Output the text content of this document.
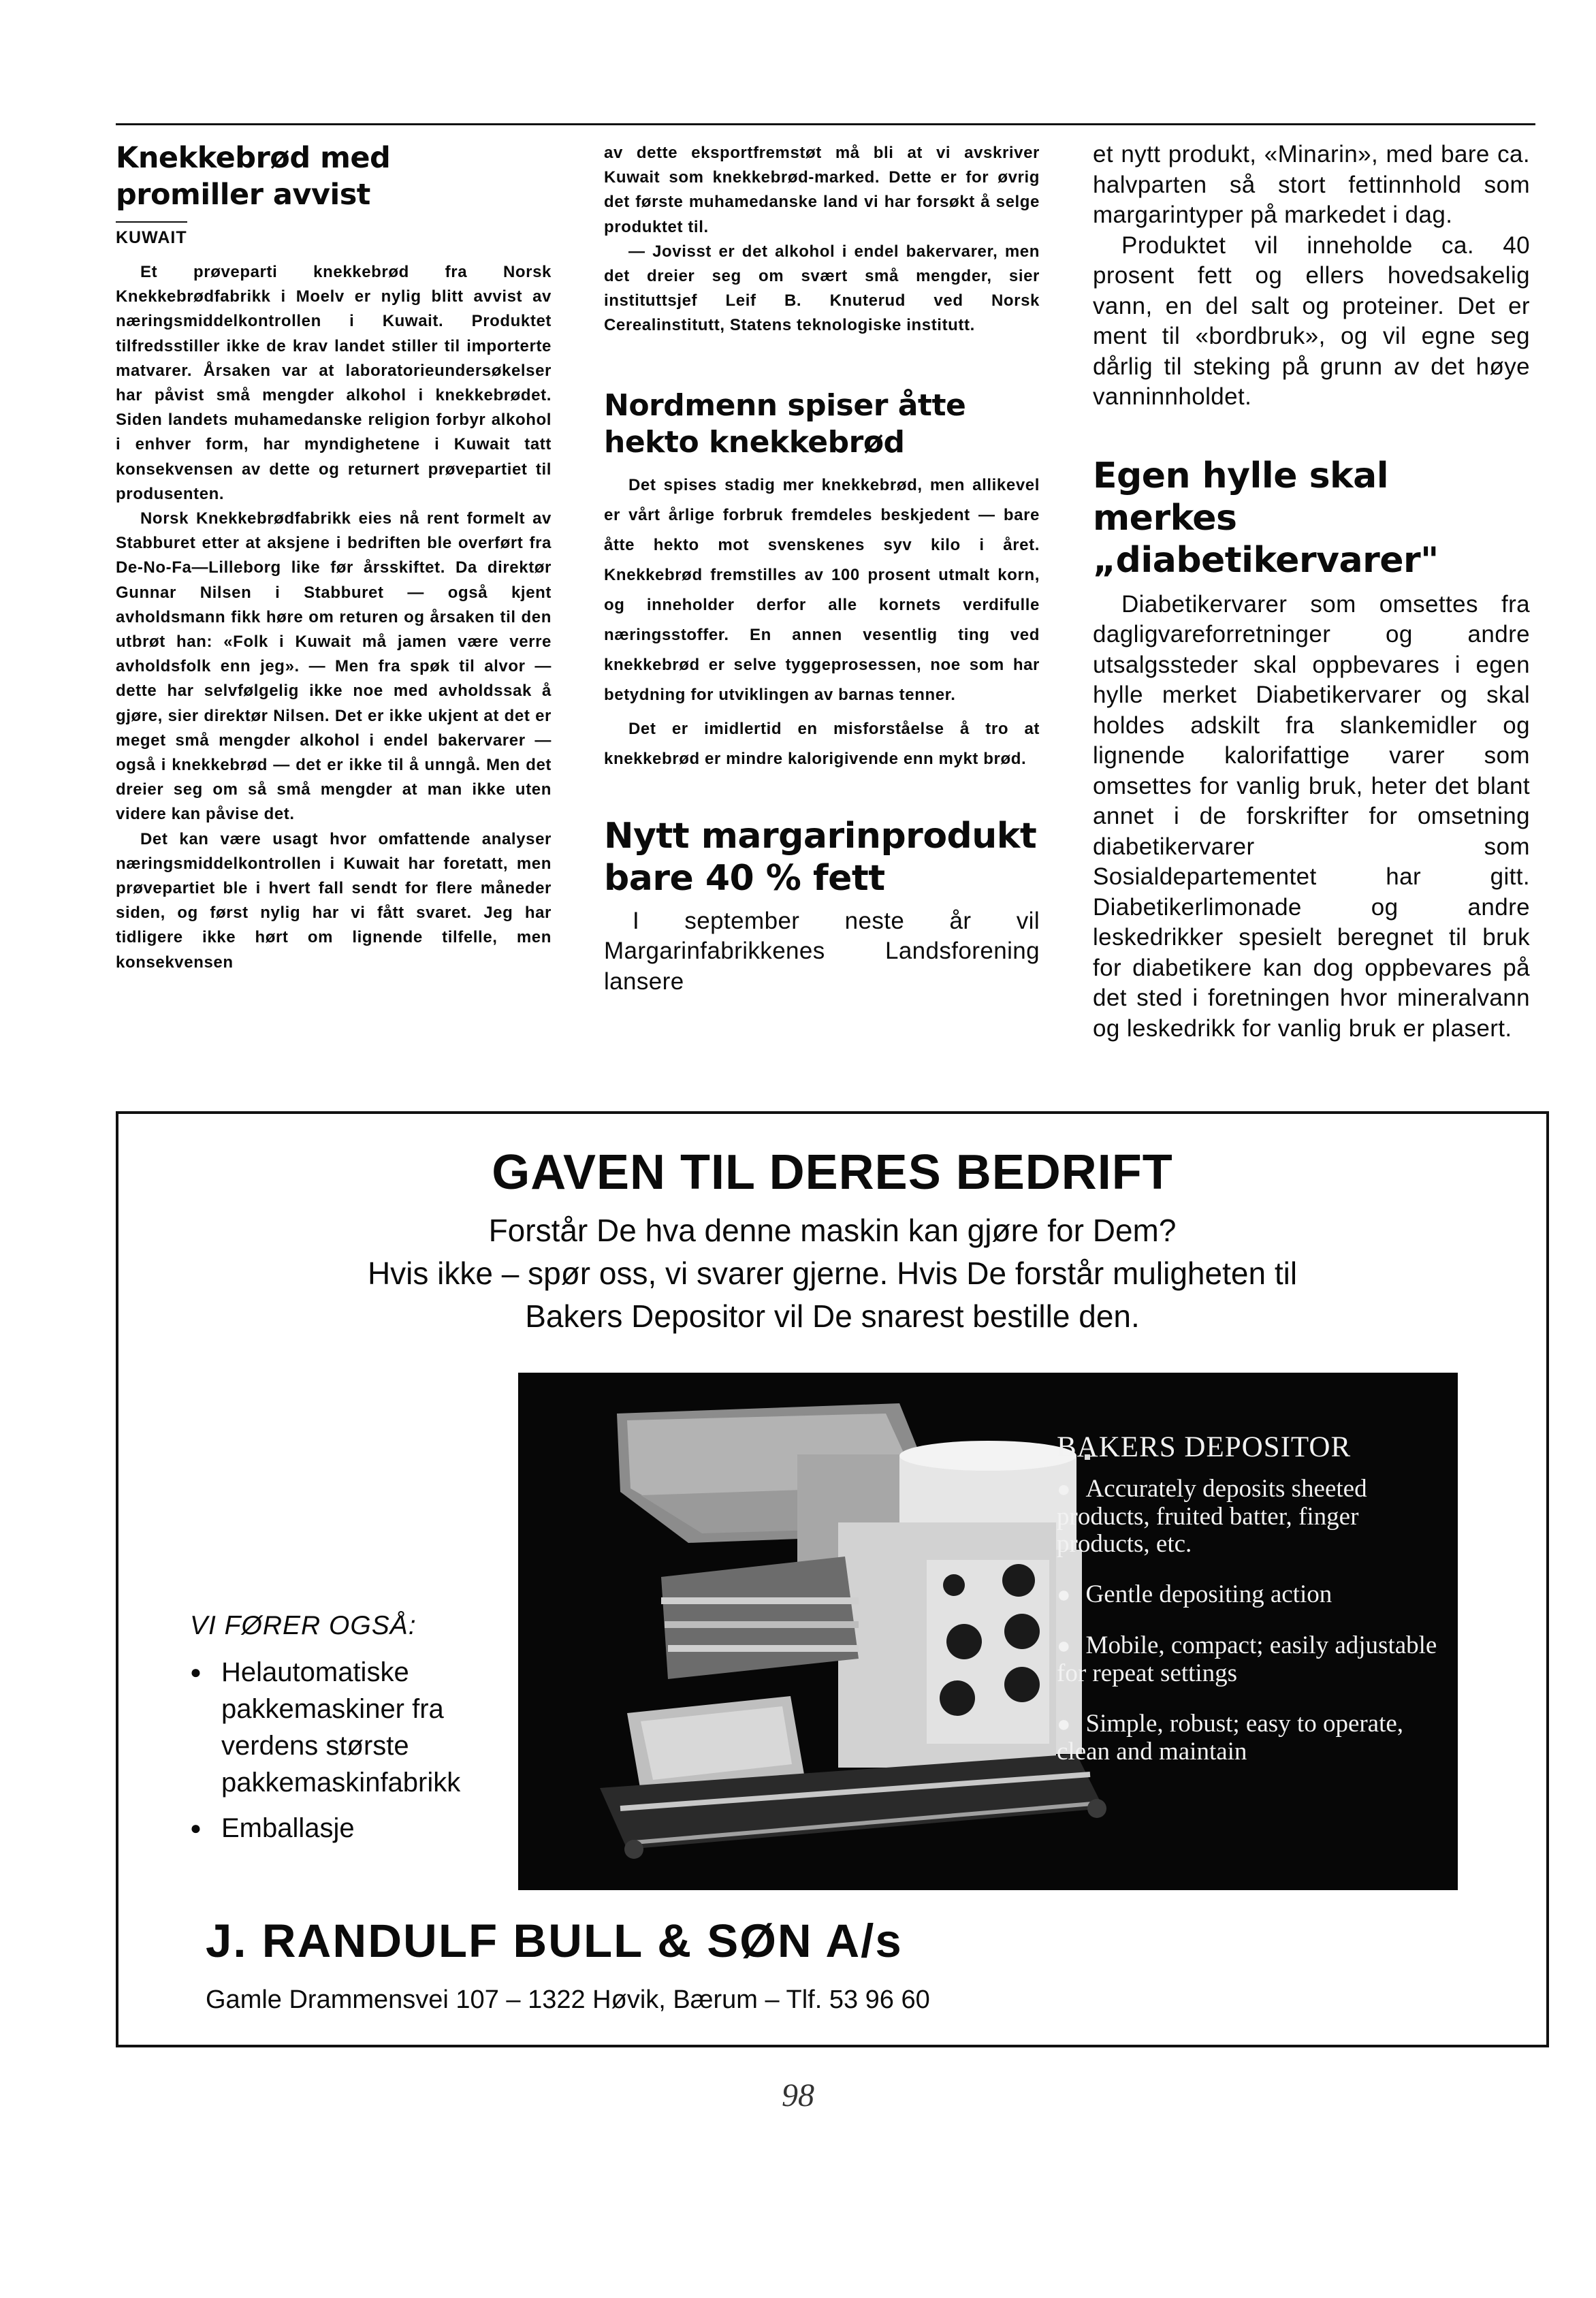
Knekkebrød med
promiller avvist
KUWAIT

Et prøveparti knekkebrød fra Norsk Knekkebrødfabrikk i Moelv er nylig blitt avvist av næringsmiddelkontrollen i Kuwait. Produktet tilfredsstiller ikke de krav landet stiller til importerte matvarer. Årsaken var at laboratorieundersøkelser har påvist små mengder alkohol i knekkebrødet. Siden landets muhamedanske religion forbyr alkohol i enhver form, har myndighetene i Kuwait tatt konsekvensen av dette og returnert prøvepartiet til produsenten.

Norsk Knekkebrødfabrikk eies nå rent formelt av Stabburet etter at aksjene i bedriften ble overført fra De-No-Fa—Lilleborg like før årsskiftet. Da direktør Gunnar Nilsen i Stabburet — også kjent avholdsmann fikk høre om returen og årsaken til den utbrøt han: «Folk i Kuwait må jamen være verre avholdsfolk enn jeg». — Men fra spøk til alvor — dette har selvfølgelig ikke noe med avholdssak å gjøre, sier direktør Nilsen. Det er ikke ukjent at det er meget små mengder alkohol i endel bakervarer — også i knekkebrød — det er ikke til å unngå. Men det dreier seg om så små mengder at man ikke uten videre kan påvise det.

Det kan være usagt hvor omfattende analyser næringsmiddelkontrollen i Kuwait har foretatt, men prøvepartiet ble i hvert fall sendt for flere måneder siden, og først nylig har vi fått svaret. Jeg har tidligere ikke hørt om lignende tilfelle, men konsekvensen

av dette eksportfremstøt må bli at vi avskriver Kuwait som knekkebrød-marked. Dette er for øvrig det første muhamedanske land vi har forsøkt å selge produktet til.

— Jovisst er det alkohol i endel bakervarer, men det dreier seg om svært små mengder, sier instituttsjef Leif B. Knuterud ved Norsk Cerealinstitutt, Statens teknologiske institutt.

Nordmenn spiser åtte
hekto knekkebrød

Det spises stadig mer knekkebrød, men allikevel er vårt årlige forbruk fremdeles beskjedent — bare åtte hekto mot svenskenes syv kilo i året. Knekkebrød fremstilles av 100 prosent utmalt korn, og inneholder derfor alle kornets verdifulle næringsstoffer. En annen vesentlig ting ved knekkebrød er selve tyggeprosessen, noe som har betydning for utviklingen av barnas tenner.

Det er imidlertid en misforståelse å tro at knekkebrød er mindre kalorigivende enn mykt brød.

Nytt margarinprodukt
bare 40 % fett

I september neste år vil Margarinfabrikkenes Landsforening lansere

et nytt produkt, «Minarin», med bare ca. halvparten så stort fettinnhold som margarintyper på markedet i dag.

Produktet vil inneholde ca. 40 prosent fett og ellers hovedsakelig vann, en del salt og proteiner. Det er ment til «bordbruk», og vil egne seg dårlig til steking på grunn av det høye vanninnholdet.

Egen hylle skal merkes
„diabetikervarer"

Diabetikervarer som omsettes fra dagligvareforretninger og andre utsalgssteder skal oppbevares i egen hylle merket Diabetikervarer og skal holdes adskilt fra slankemidler og lignende kalorifattige varer som omsettes for vanlig bruk, heter det blant annet i de forskrifter for omsetning diabetikervarer som Sosialdepartementet har gitt. Diabetikerlimonade og andre leskedrikker spesielt beregnet til bruk for diabetikere kan dog oppbevares på det sted i foretningen hvor mineralvann og leskedrikk for vanlig bruk er plasert.

GAVEN TIL DERES BEDRIFT
Forstår De hva denne maskin kan gjøre for Dem?
Hvis ikke – spør oss, vi svarer gjerne. Hvis De forstår muligheten til
Bakers Depositor vil De snarest bestille den.
VI FØRER OGSÅ:
● Helautomatiske pakkemaskiner fra verdens største pakkemaskinfabrikk
● Emballasje
BAKERS DEPOSITOR
● Accurately deposits sheeted products, fruited batter, finger products, etc.
● Gentle depositing action
● Mobile, compact; easily adjustable for repeat settings
● Simple, robust; easy to operate, clean and maintain
J. RANDULF BULL & SØN A/s
Gamle Drammensvei 107 – 1322 Høvik, Bærum – Tlf. 53 96 60
98
